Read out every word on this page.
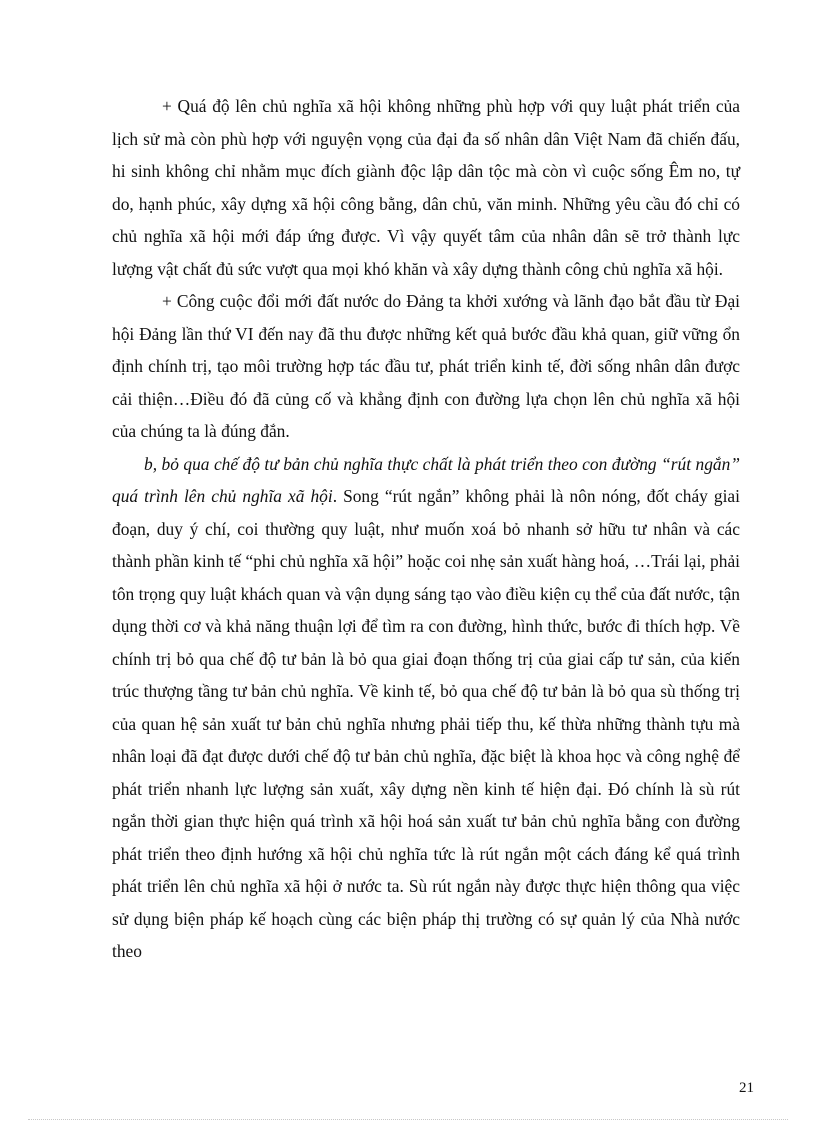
+ Quá độ lên chủ nghĩa xã hội không những phù hợp với quy luật phát triển của lịch sử mà còn phù hợp với nguyện vọng của đại đa số nhân dân Việt Nam đã chiến đấu, hi sinh không chỉ nhằm mục đích giành độc lập dân tộc mà còn vì cuộc sống Êm no, tự do, hạnh phúc, xây dựng xã hội công bằng, dân chủ, văn minh. Những yêu cầu đó chỉ có chủ nghĩa xã hội mới đáp ứng được. Vì vậy quyết tâm của nhân dân sẽ trở thành lực lượng vật chất đủ sức vượt qua mọi khó khăn và xây dựng thành công chủ nghĩa xã hội.

+ Công cuộc đổi mới đất nước do Đảng ta khởi xướng và lãnh đạo bắt đầu từ Đại hội Đảng lần thứ VI đến nay đã thu được những kết quả bước đầu khả quan, giữ vững ổn định chính trị, tạo môi trường hợp tác đầu tư, phát triển kinh tế, đời sống nhân dân được cải thiện…Điều đó đã củng cố và khẳng định con đường lựa chọn lên chủ nghĩa xã hội của chúng ta là đúng đắn.

b, bỏ qua chế độ tư bản chủ nghĩa thực chất là phát triển theo con đường “rút ngắn” quá trình lên chủ nghĩa xã hội. Song “rút ngắn” không phải là nôn nóng, đốt cháy giai đoạn, duy ý chí, coi thường quy luật, như muốn xoá bỏ nhanh sở hữu tư nhân và các thành phần kinh tế “phi chủ nghĩa xã hội” hoặc coi nhẹ sản xuất hàng hoá, …Trái lại, phải tôn trọng quy luật khách quan và vận dụng sáng tạo vào điều kiện cụ thể của đất nước, tận dụng thời cơ và khả năng thuận lợi để tìm ra con đường, hình thức, bước đi thích hợp. Về chính trị bỏ qua chế độ tư bản là bỏ qua giai đoạn thống trị của giai cấp tư sản, của kiến trúc thượng tầng tư bản chủ nghĩa. Về kinh tế, bỏ qua chế độ tư bản là bỏ qua sù thống trị của quan hệ sản xuất tư bản chủ nghĩa nhưng phải tiếp thu, kế thừa những thành tựu mà nhân loại đã đạt được dưới chế độ tư bản chủ nghĩa, đặc biệt là khoa học và công nghệ để phát triển nhanh lực lượng sản xuất, xây dựng nền kinh tế hiện đại. Đó chính là sù rút ngắn thời gian thực hiện quá trình xã hội hoá sản xuất tư bản chủ nghĩa bằng con đường phát triển theo định hướng xã hội chủ nghĩa tức là rút ngắn một cách đáng kể quá trình phát triển lên chủ nghĩa xã hội ở nước ta. Sù rút ngắn này được thực hiện thông qua việc sử dụng biện pháp kế hoạch cùng các biện pháp thị trường có sự quản lý của Nhà nước theo

21
